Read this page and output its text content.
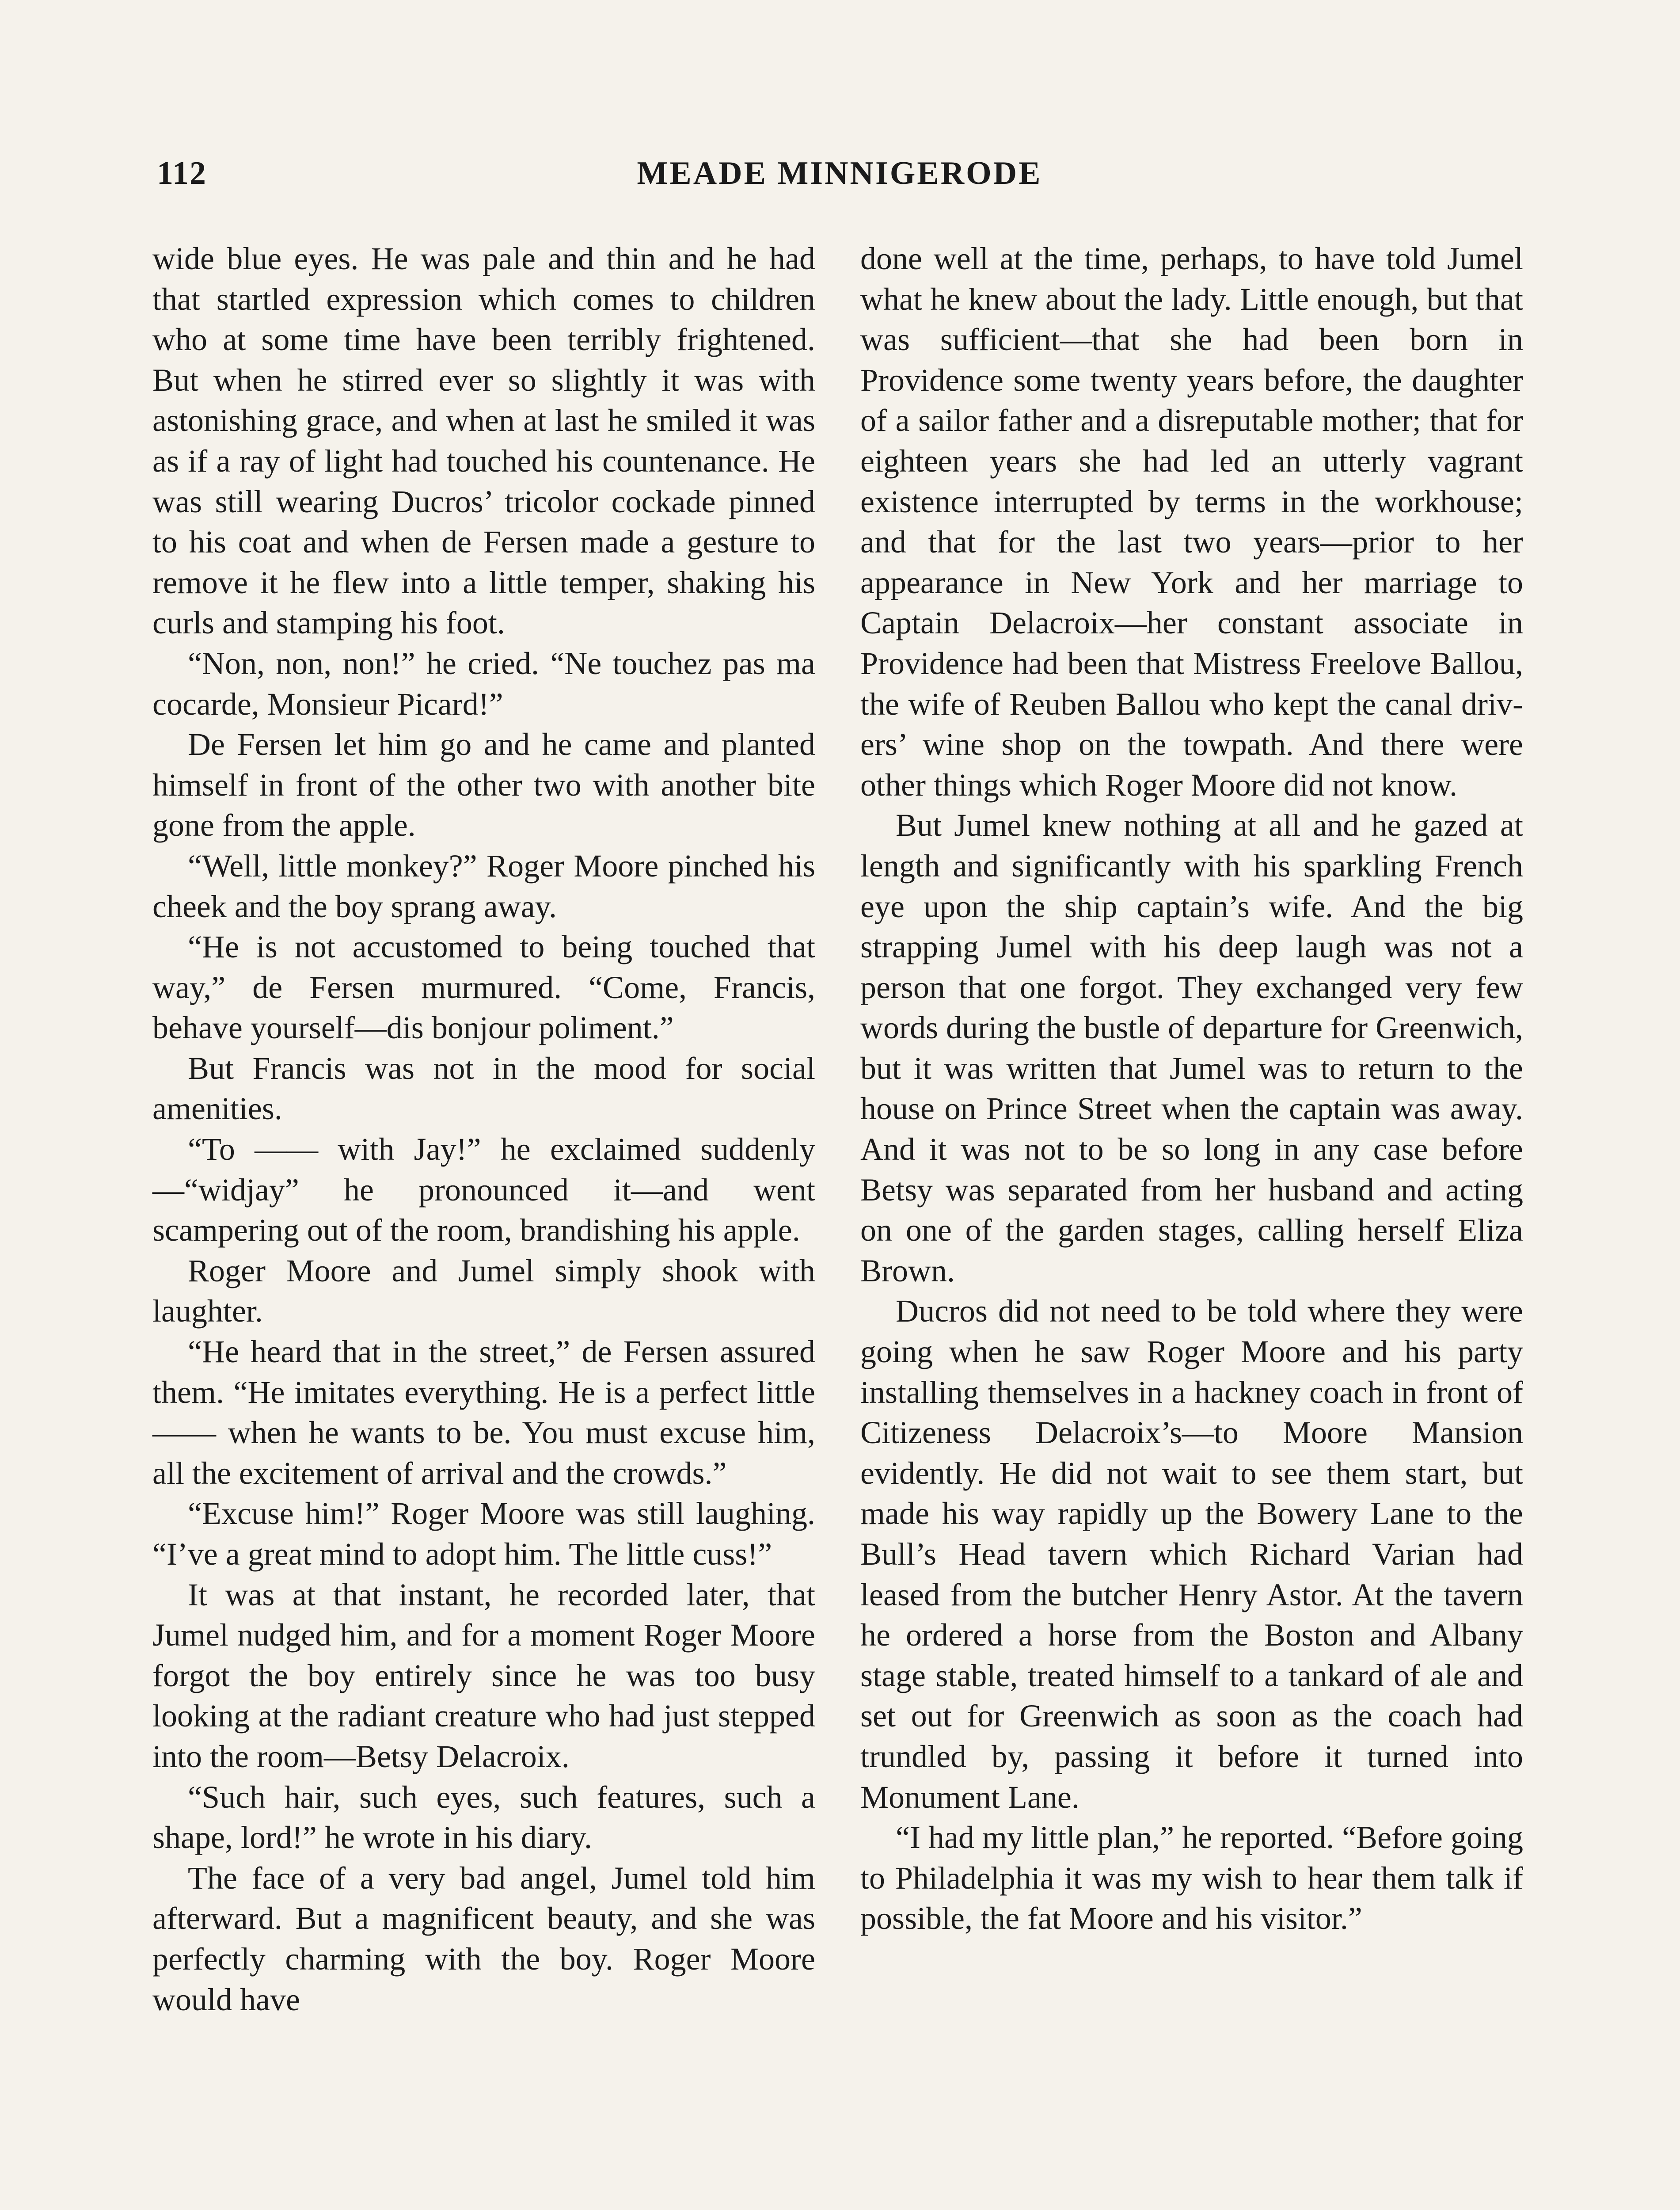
112	MEADE MINNIGERODE

wide blue eyes. He was pale and thin and he had that startled expression which comes to children who at some time have been terribly frightened. But when he stirred ever so slightly it was with astonishing grace, and when at last he smiled it was as if a ray of light had touched his countenance. He was still wearing Ducros’ tricolor cockade pinned to his coat and when de Fersen made a gesture to remove it he flew into a little temper, shaking his curls and stamping his foot.

“Non, non, non!” he cried. “Ne touchez pas ma cocarde, Monsieur Picard!”

De Fersen let him go and he came and planted himself in front of the other two with another bite gone from the apple.

“Well, little monkey?” Roger Moore pinched his cheek and the boy sprang away.

“He is not accustomed to being touched that way,” de Fersen murmured. “Come, Francis, behave yourself—dis bonjour poliment.”

But Francis was not in the mood for social amenities.

“To —— with Jay!” he exclaimed suddenly—“widjay” he pronounced it—and went scampering out of the room, brandishing his apple.

Roger Moore and Jumel simply shook with laughter.

“He heard that in the street,” de Fersen assured them. “He imitates everything. He is a perfect little —— when he wants to be. You must excuse him, all the excitement of arrival and the crowds.”

“Excuse him!” Roger Moore was still laughing. “I’ve a great mind to adopt him. The little cuss!”

It was at that instant, he recorded later, that Jumel nudged him, and for a moment Roger Moore forgot the boy entirely since he was too busy looking at the radiant creature who had just stepped into the room—Betsy Delacroix.

“Such hair, such eyes, such features, such a shape, lord!” he wrote in his diary.

The face of a very bad angel, Jumel told him afterward. But a magnificent beauty, and she was perfectly charming with the boy. Roger Moore would have

done well at the time, perhaps, to have told Jumel what he knew about the lady. Little enough, but that was sufficient—that she had been born in Providence some twenty years before, the daughter of a sailor father and a disreputable mother; that for eighteen years she had led an utterly vagrant existence interrupted by terms in the workhouse; and that for the last two years—prior to her appearance in New York and her marriage to Captain Delacroix—her constant associate in Providence had been that Mistress Freelove Ballou, the wife of Reuben Ballou who kept the canal drivers’ wine shop on the towpath. And there were other things which Roger Moore did not know.

But Jumel knew nothing at all and he gazed at length and significantly with his sparkling French eye upon the ship captain’s wife. And the big strapping Jumel with his deep laugh was not a person that one forgot. They exchanged very few words during the bustle of departure for Greenwich, but it was written that Jumel was to return to the house on Prince Street when the captain was away. And it was not to be so long in any case before Betsy was separated from her husband and acting on one of the garden stages, calling herself Eliza Brown.

Ducros did not need to be told where they were going when he saw Roger Moore and his party installing themselves in a hackney coach in front of Citizeness Delacroix’s—to Moore Mansion evidently. He did not wait to see them start, but made his way rapidly up the Bowery Lane to the Bull’s Head tavern which Richard Varian had leased from the butcher Henry Astor. At the tavern he ordered a horse from the Boston and Albany stage stable, treated himself to a tankard of ale and set out for Greenwich as soon as the coach had trundled by, passing it before it turned into Monument Lane.

“I had my little plan,” he reported. “Before going to Philadelphia it was my wish to hear them talk if possible, the fat Moore and his visitor.”
